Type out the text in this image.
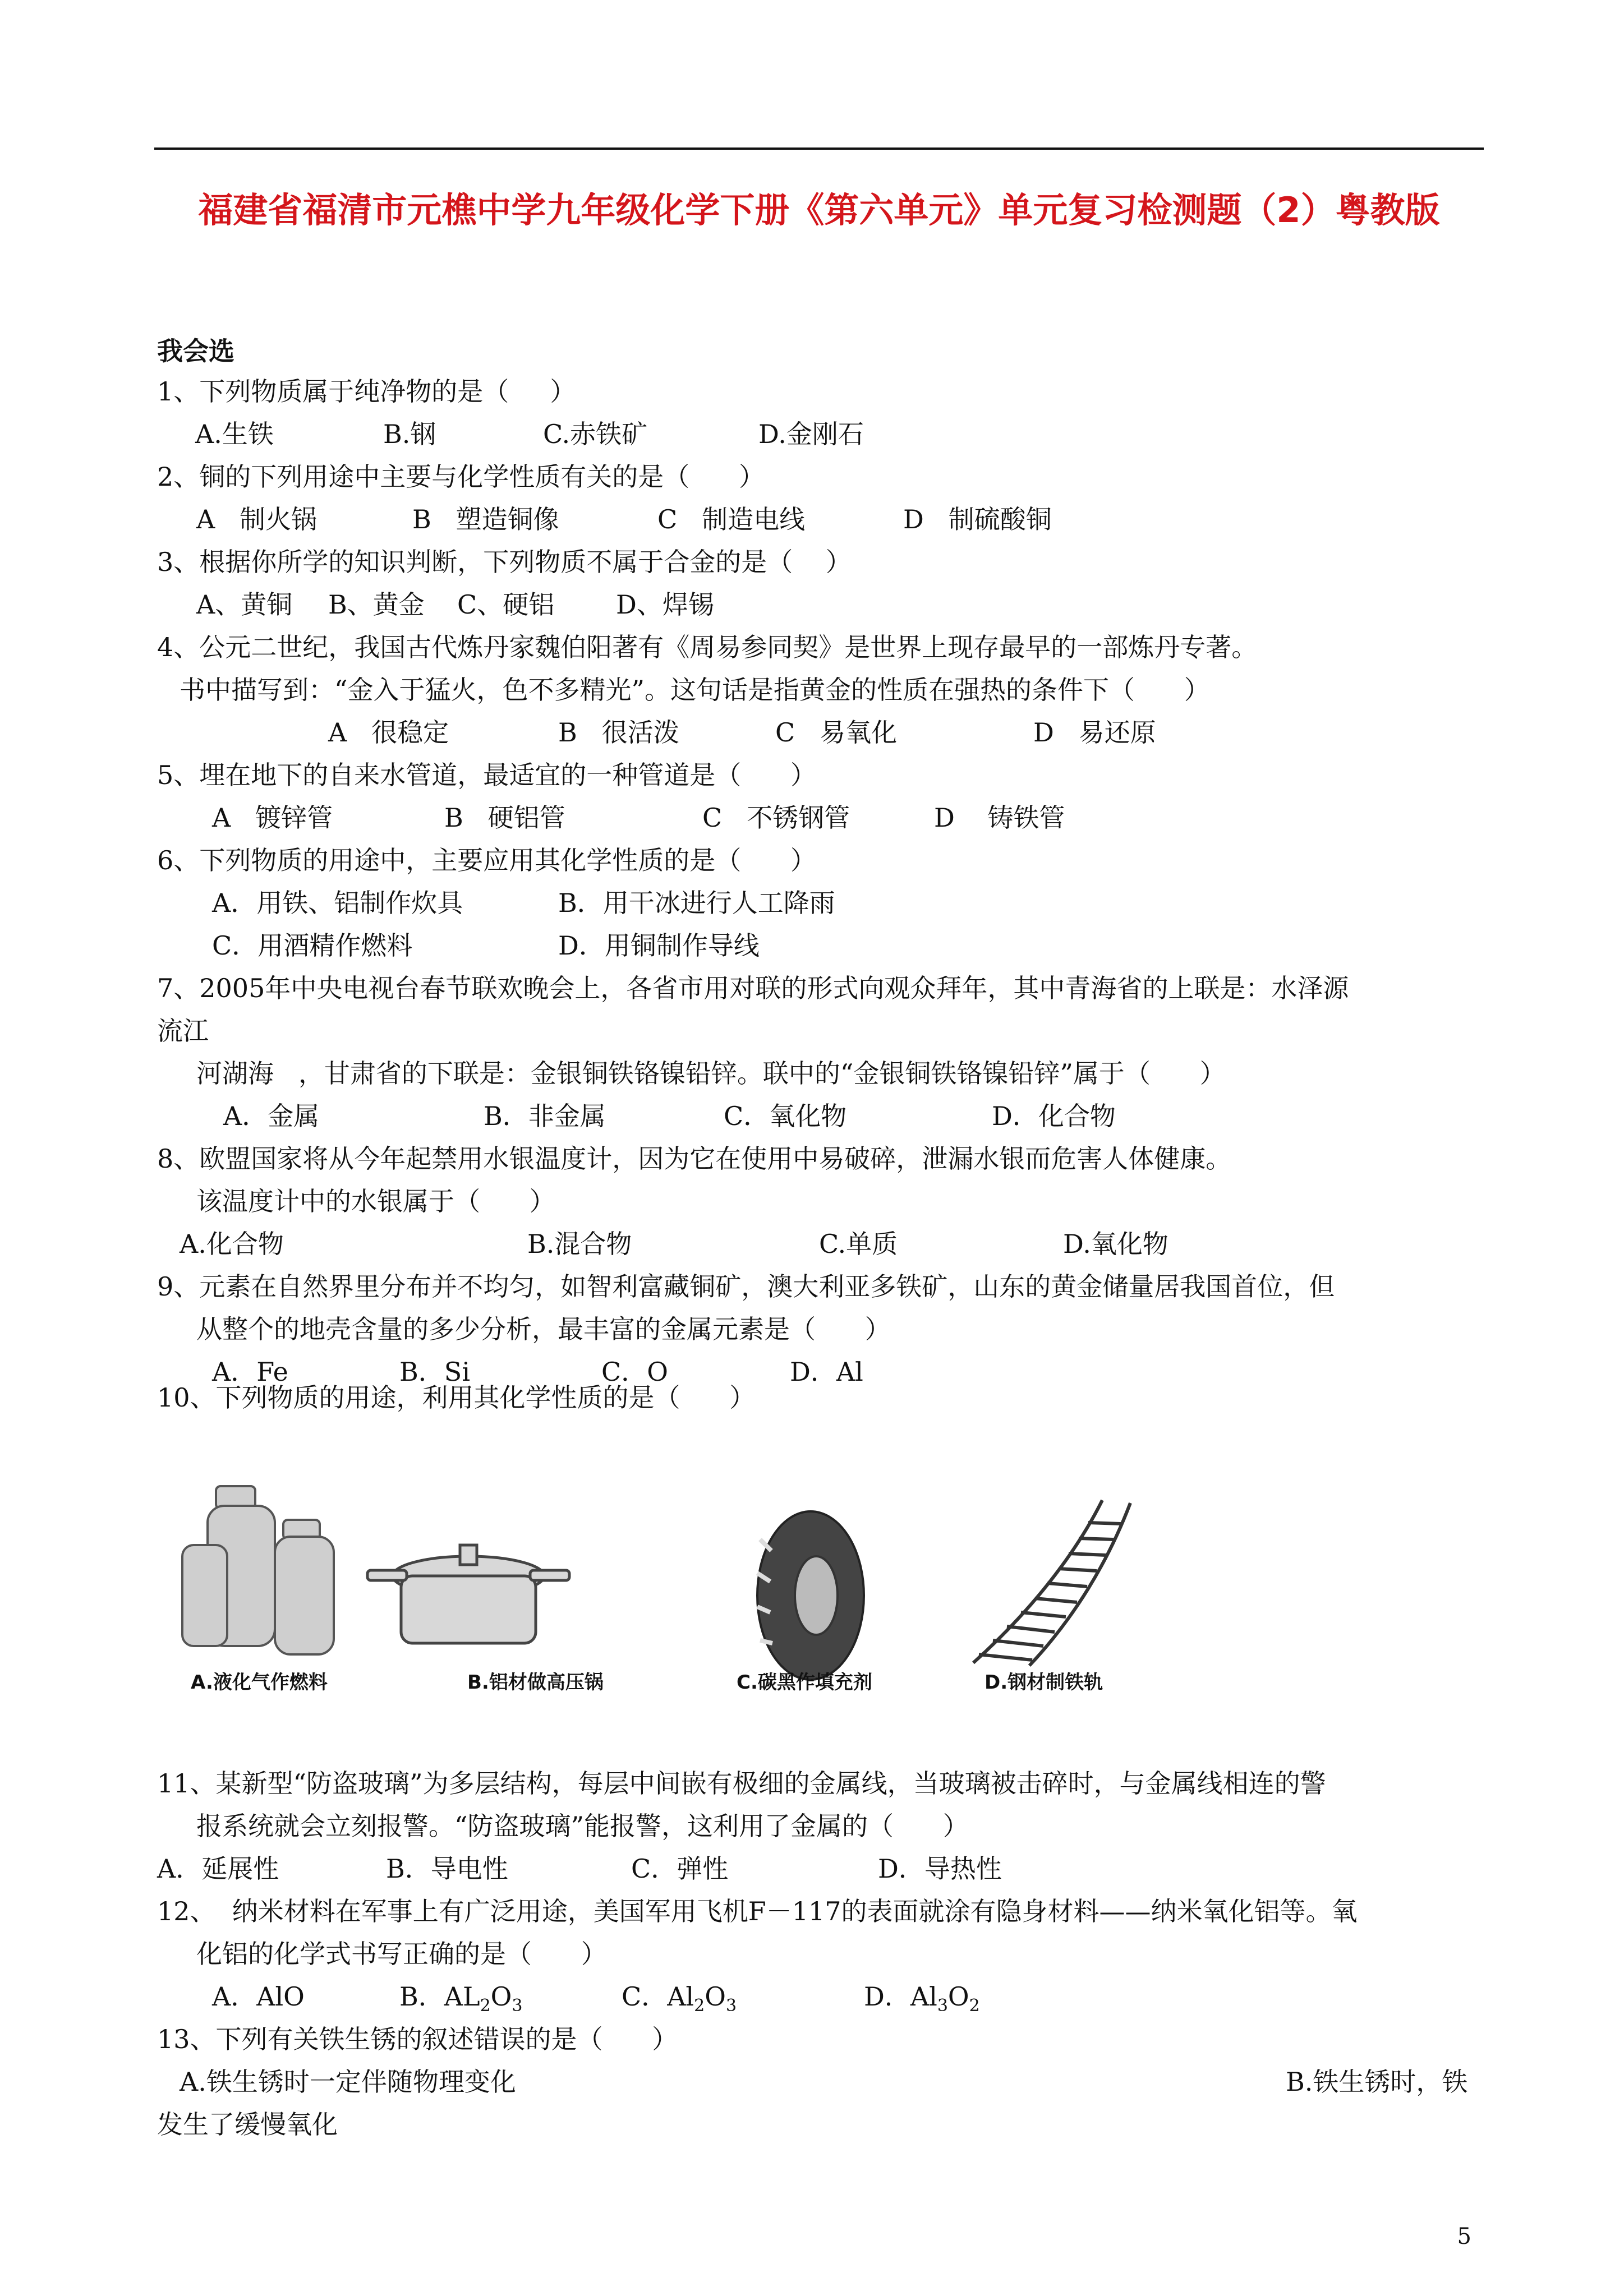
福建省福清市元樵中学九年级化学下册《第六单元》单元复习检测题（2）粤教版
我会选
1、下列物质属于纯净物的是（     ）
A.生铁	B.钢	C.赤铁矿	D.金刚石
2、铜的下列用途中主要与化学性质有关的是（      ）
A   制火锅	B   塑造铜像	C   制造电线	D   制硫酸铜
3、根据你所学的知识判断，下列物质不属于合金的是（    ）
A、黄铜 B、黄金 C、硬铝 D、焊锡
4、公元二世纪，我国古代炼丹家魏伯阳著有《周易参同契》是世界上现存最早的一部炼丹专著。
书中描写到：“金入于猛火，色不多精光”。这句话是指黄金的性质在强热的条件下（      ）
A   很稳定	B   很活泼	C   易氧化	D   易还原
5、埋在地下的自来水管道，最适宜的一种管道是（      ）
A   镀锌管	B   硬铝管	C   不锈钢管	D    铸铁管
6、下列物质的用途中，主要应用其化学性质的是（      ）
A．用铁、铝制作炊具	B．用干冰进行人工降雨
C．用酒精作燃料	D．用铜制作导线
7、2005年中央电视台春节联欢晚会上，各省市用对联的形式向观众拜年，其中青海省的上联是：水泽源
流江
河湖海   ，甘肃省的下联是：金银铜铁铬镍铅锌。联中的“金银铜铁铬镍铅锌”属于（      ）
A．金属	B．非金属	C．氧化物	D．化合物
8、欧盟国家将从今年起禁用水银温度计，因为它在使用中易破碎，泄漏水银而危害人体健康。
该温度计中的水银属于（      ）
A.化合物	B.混合物	C.单质	D.氧化物
9、元素在自然界里分布并不均匀，如智利富藏铜矿，澳大利亚多铁矿，山东的黄金储量居我国首位，但
从整个的地壳含量的多少分析，最丰富的金属元素是（      ）
A．Fe	B．Si	C．O	D．Al
10、下列物质的用途，利用其化学性质的是（      ）
A.液化气作燃料	B.铝材做高压锅	C.碳黑作填充剂	D.钢材制铁轨
11、某新型“防盗玻璃”为多层结构，每层中间嵌有极细的金属线，当玻璃被击碎时，与金属线相连的警
报系统就会立刻报警。“防盗玻璃”能报警，这利用了金属的（      ）
A．延展性	B．导电性	C．弹性	D．导热性
12、  纳米材料在军事上有广泛用途，美国军用飞机F－117的表面就涂有隐身材料——纳米氧化铝等。氧
化铝的化学式书写正确的是（      ）
A．AlO	B．$AL_2O_3$	C．$Al_2O_3$	D．$Al_3O_2$
13、下列有关铁生锈的叙述错误的是（      ）
A.铁生锈时一定伴随物理变化	B.铁生锈时，铁
发生了缓慢氧化
5
